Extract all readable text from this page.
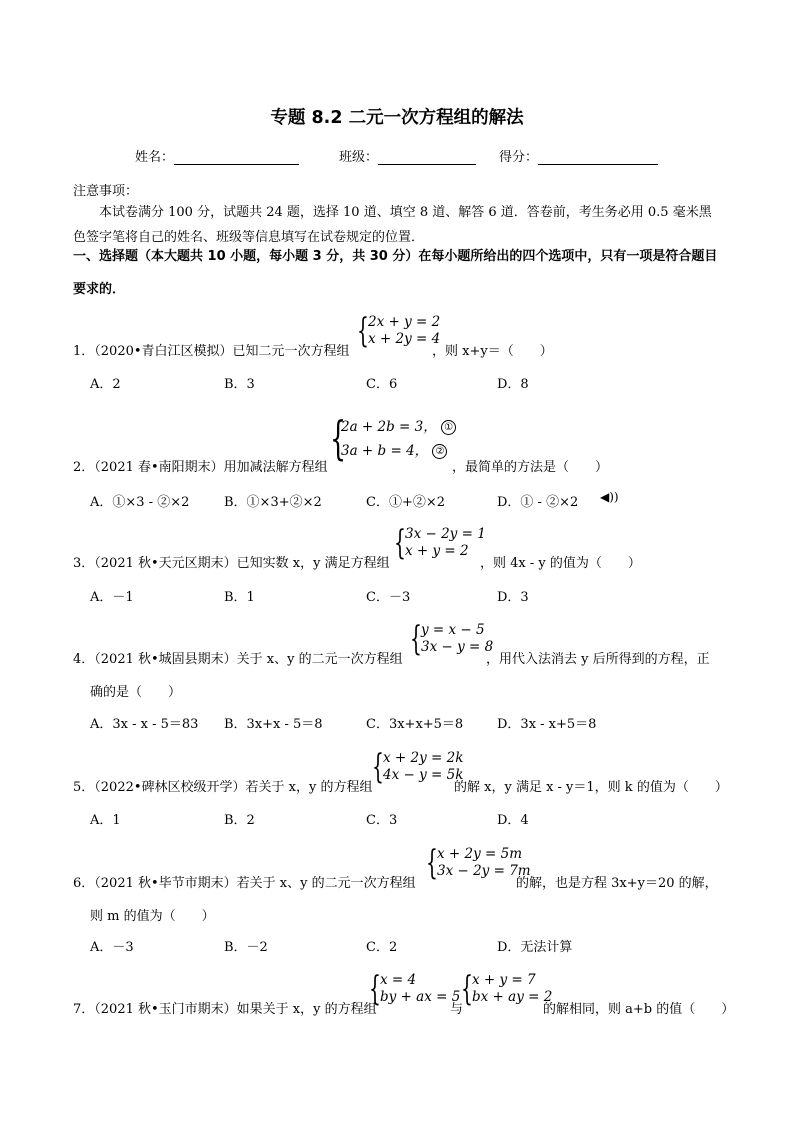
专题 8.2 二元一次方程组的解法
姓名：	班级：	得分：
注意事项：
本试卷满分 100 分，试题共 24 题，选择 10 道、填空 8 道、解答 6 道．答卷前，考生务必用 0.5 毫米黑色签字笔将自己的姓名、班级等信息填写在试卷规定的位置．
一、选择题（本大题共 10 小题，每小题 3 分，共 30 分）在每小题所给出的四个选项中，只有一项是符合题目要求的．
1．（2020•青白江区模拟）已知二元一次方程组
{ 2x + y = 2
x + 2y = 4
，则 x+y＝（　　）
A．2	B．3	C．6	D．8
2．（2021 春•南阳期末）用加减法解方程组
{
2a + 2b = 3， ①
3a + b = 4， ②
，最简单的方法是（　　）
A．①×3 - ②×2	B．①×3+②×2	C．①+②×2	D．① - ②×2 ◀))
3．（2021 秋•天元区期末）已知实数 x，y 满足方程组
{ 3x − 2y = 1
x + y = 2
，则 4x - y 的值为（　　）
A．－1	B．1	C．－3	D．3
4．（2021 秋•城固县期末）关于 x、y 的二元一次方程组
{ y = x − 5
3x − y = 8
，用代入法消去 y 后所得到的方程，正
确的是（　　）
A．3x - x - 5＝83 B．3x+x - 5＝8	C．3x+x+5＝8	D．3x - x+5＝8
5．（2022•碑林区校级开学）若关于 x，y 的方程组
{ x + 2y = 2k
4x − y = 5k
的解 x，y 满足 x - y＝1，则 k 的值为（　　）
A．1	B．2	C．3	D．4
6．（2021 秋•毕节市期末）若关于 x、y 的二元一次方程组
{ x + 2y = 5m
3x − 2y = 7m
的解，也是方程 3x+y＝20 的解，
则 m 的值为（　　）
A．－3	B．－2	C．2	D．无法计算
7．（2021 秋•玉门市期末）如果关于 x，y 的方程组
{ x = 4
by + ax = 5
与
{ x + y = 7
bx + ay = 2
的解相同，则 a+b 的值（　　）
